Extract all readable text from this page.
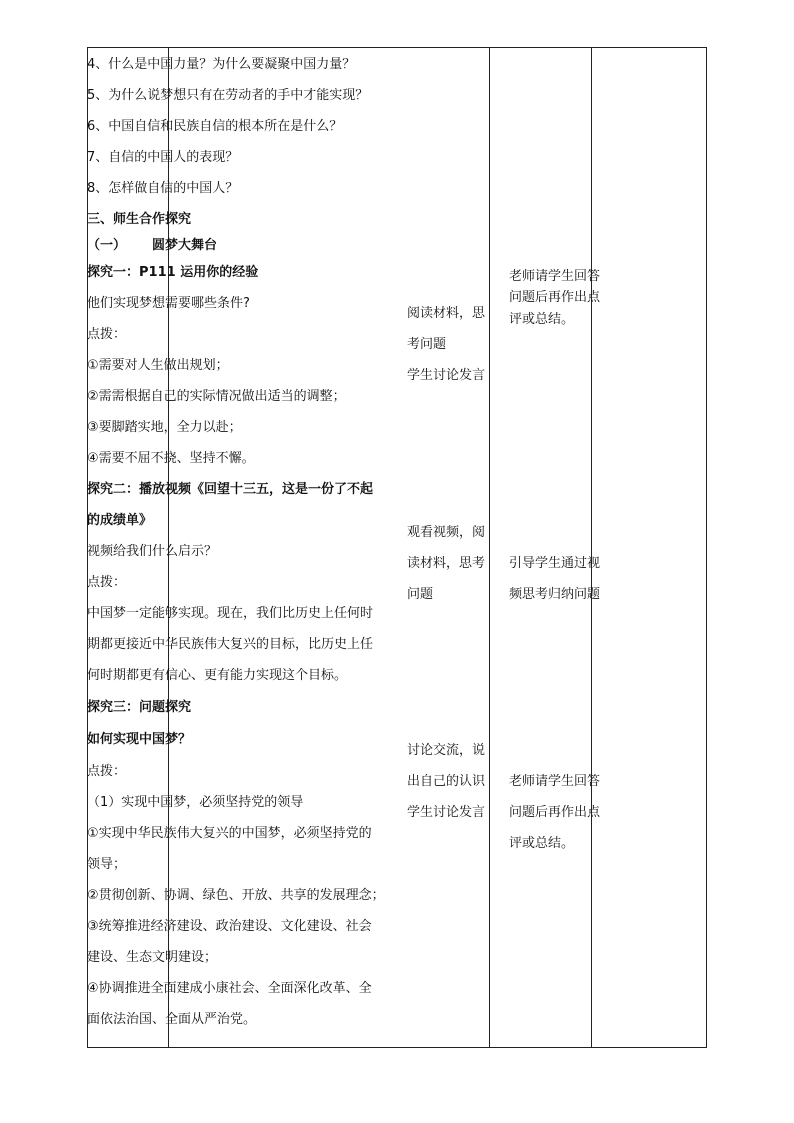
4、什么是中国力量？为什么要凝聚中国力量？
5、为什么说梦想只有在劳动者的手中才能实现？
6、中国自信和民族自信的根本所在是什么？
7、自信的中国人的表现？
8、怎样做自信的中国人？
三、师生合作探究
（一） 圆梦大舞台
探究一：P111 运用你的经验
他们实现梦想需要哪些条件?
点拨：
①需要对人生做出规划；
②需需根据自己的实际情况做出适当的调整；
③要脚踏实地，全力以赴；
④需要不屈不挠、坚持不懈。
探究二：播放视频《回望十三五，这是一份了不起
的成绩单》
视频给我们什么启示？
点拨：
中国梦一定能够实现。现在，我们比历史上任何时
期都更接近中华民族伟大复兴的目标，比历史上任
何时期都更有信心、更有能力实现这个目标。
探究三：问题探究
如何实现中国梦？
点拨：
（1）实现中国梦，必须坚持党的领导
①实现中华民族伟大复兴的中国梦，必须坚持党的
领导；
②贯彻创新、协调、绿色、开放、共享的发展理念；
③统筹推进经济建设、政治建设、文化建设、社会
建设、生态文明建设；
④协调推进全面建成小康社会、全面深化改革、全
面依法治国、全面从严治党。
阅读材料，思
考问题
学生讨论发言
观看视频，阅
读材料，思考
问题
讨论交流，说
出自己的认识
学生讨论发言
老师请学生回答
问题后再作出点
评或总结。
引导学生通过视
频思考归纳问题
老师请学生回答
问题后再作出点
评或总结。
